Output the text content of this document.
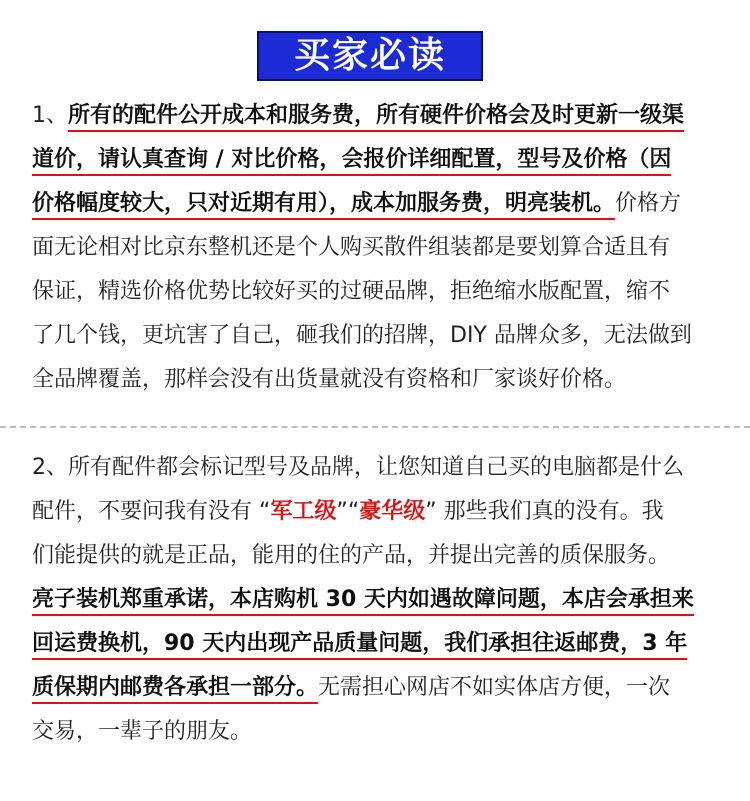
买家必读
1、所有的配件公开成本和服务费，所有硬件价格会及时更新一级渠
道价，请认真查询 / 对比价格，会报价详细配置，型号及价格（因
价格幅度较大，只对近期有用），成本加服务费，明亮装机。价格方
面无论相对比京东整机还是个人购买散件组装都是要划算合适且有
保证，精选价格优势比较好买的过硬品牌，拒绝缩水版配置，缩不
了几个钱，更坑害了自己，砸我们的招牌，DIY 品牌众多，无法做到
全品牌覆盖，那样会没有出货量就没有资格和厂家谈好价格。
2、所有配件都会标记型号及品牌，让您知道自己买的电脑都是什么
配件，不要问我有没有 “军工级”“豪华级” 那些我们真的没有。我
们能提供的就是正品，能用的住的产品，并提出完善的质保服务。
亮子装机郑重承诺，本店购机 30 天内如遇故障问题，本店会承担来
回运费换机，90 天内出现产品质量问题，我们承担往返邮费，3 年
质保期内邮费各承担一部分。无需担心网店不如实体店方便，一次
交易，一辈子的朋友。
